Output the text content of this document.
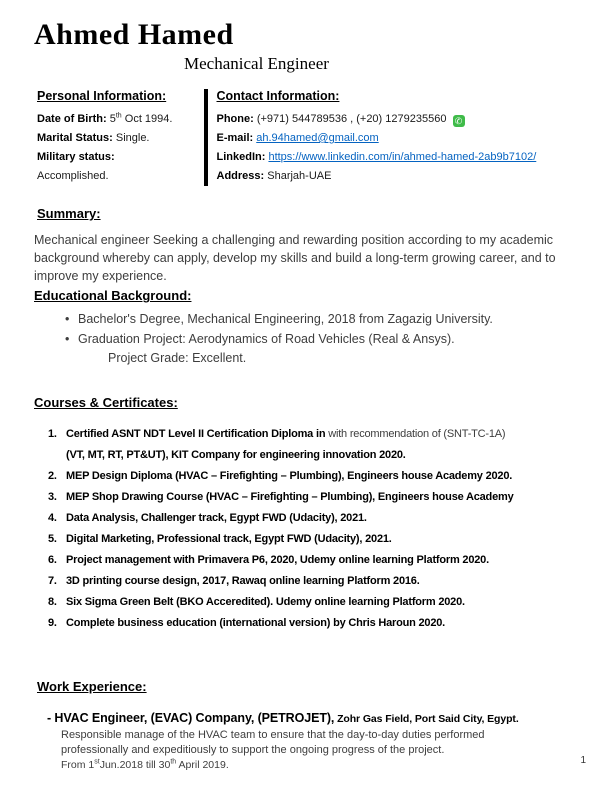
Ahmed Hamed
Mechanical Engineer
Personal Information:
Date of Birth: 5th Oct 1994.
Marital Status: Single.
Military status:
Accomplished.
Contact Information:
Phone: (+971) 544789536 , (+20) 1279235560 ✆
E-mail: ah.94hamed@gmail.com
LinkedIn: https://www.linkedin.com/in/ahmed-hamed-2ab9b7102/
Address: Sharjah-UAE
Summary:

Mechanical engineer Seeking a challenging and rewarding position according to my academic background whereby can apply, develop my skills and build a long-term growing career, and to improve my experience.

Educational Background:
• Bachelor's Degree, Mechanical Engineering, 2018 from Zagazig University.
• Graduation Project: Aerodynamics of Road Vehicles (Real & Ansys).
Project Grade: Excellent.
Courses & Certificates:
1. Certified ASNT NDT Level II Certification Diploma in with recommendation of (SNT-TC-1A)
(VT, MT, RT, PT&UT), KIT Company for engineering innovation 2020.
2. MEP Design Diploma (HVAC – Firefighting – Plumbing), Engineers house Academy 2020.
3. MEP Shop Drawing Course (HVAC – Firefighting – Plumbing), Engineers house Academy
4. Data Analysis, Challenger track, Egypt FWD (Udacity), 2021.
5. Digital Marketing, Professional track, Egypt FWD (Udacity), 2021.
6. Project management with Primavera P6, 2020, Udemy online learning Platform 2020.
7. 3D printing course design, 2017, Rawaq online learning Platform 2016.
8. Six Sigma Green Belt (BKO Acceredited). Udemy online learning Platform 2020.
9. Complete business education (international version) by Chris Haroun 2020.
Work Experience:
- HVAC Engineer, (EVAC) Company, (PETROJET), Zohr Gas Field, Port Said City, Egypt.

Responsible manage of the HVAC team to ensure that the day-to-day duties performed professionally and expeditiously to support the ongoing progress of the project.

From 1stJun.2018 till 30th April 2019.	1
